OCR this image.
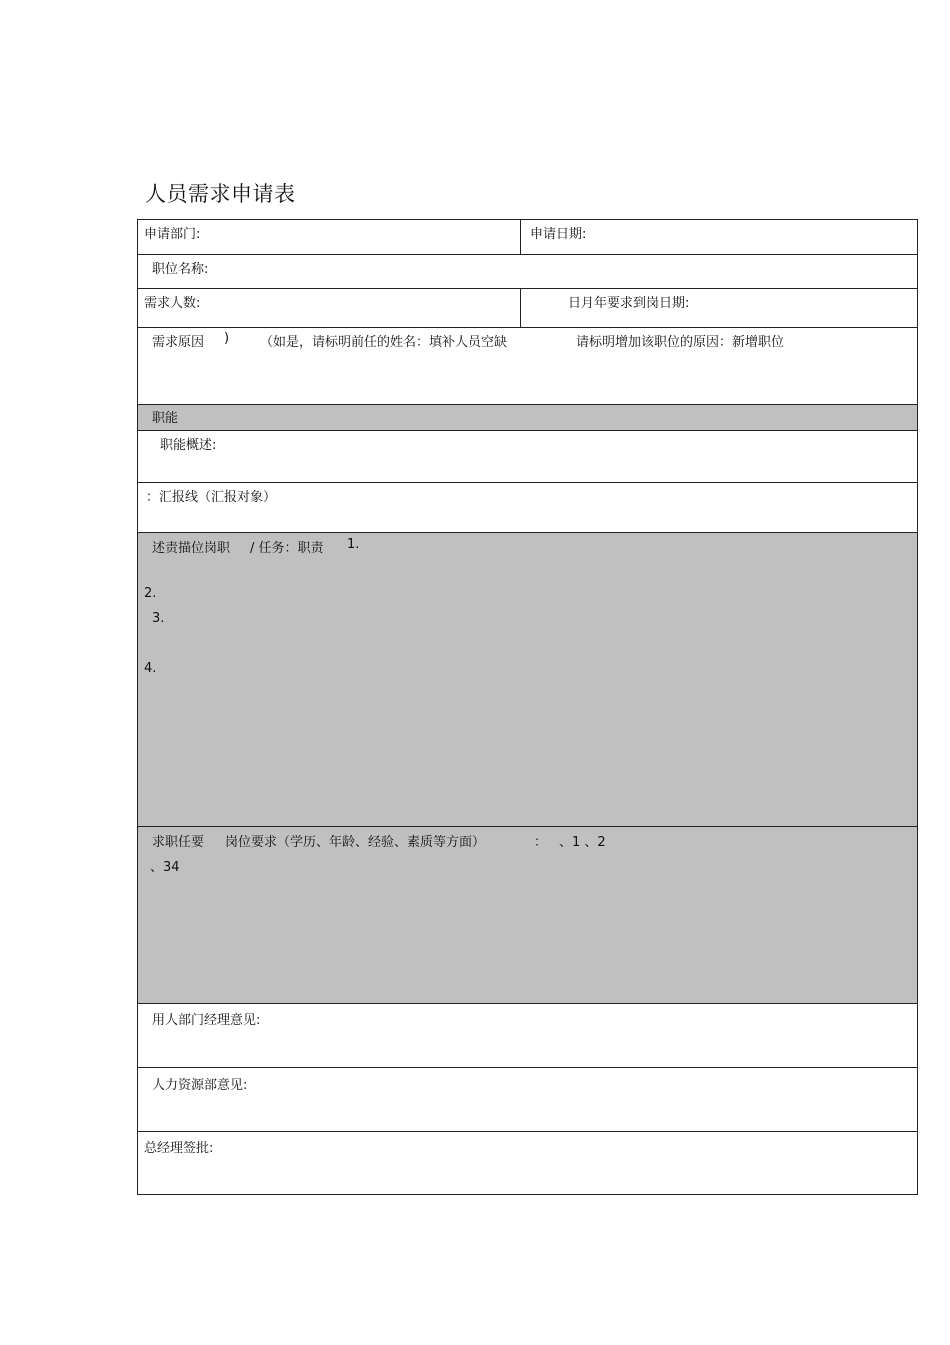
人员需求申请表
申请部门:	申请日期:
职位名称:
需求人数:	日月年要求到岗日期:
需求原因 ) （如是，请标明前任的姓名：填补人员空缺	请标明增加该职位的原因：新增职位
职能
职能概述:
：汇报线（汇报对象）
述责描位岗职 / 任务：职责 1.
2.
3.
4.
求职任要 岗位要求（学历、年龄、经验、素质等方面）	： 、1 、2
、34
用人部门经理意见:
人力资源部意见:
总经理签批:
